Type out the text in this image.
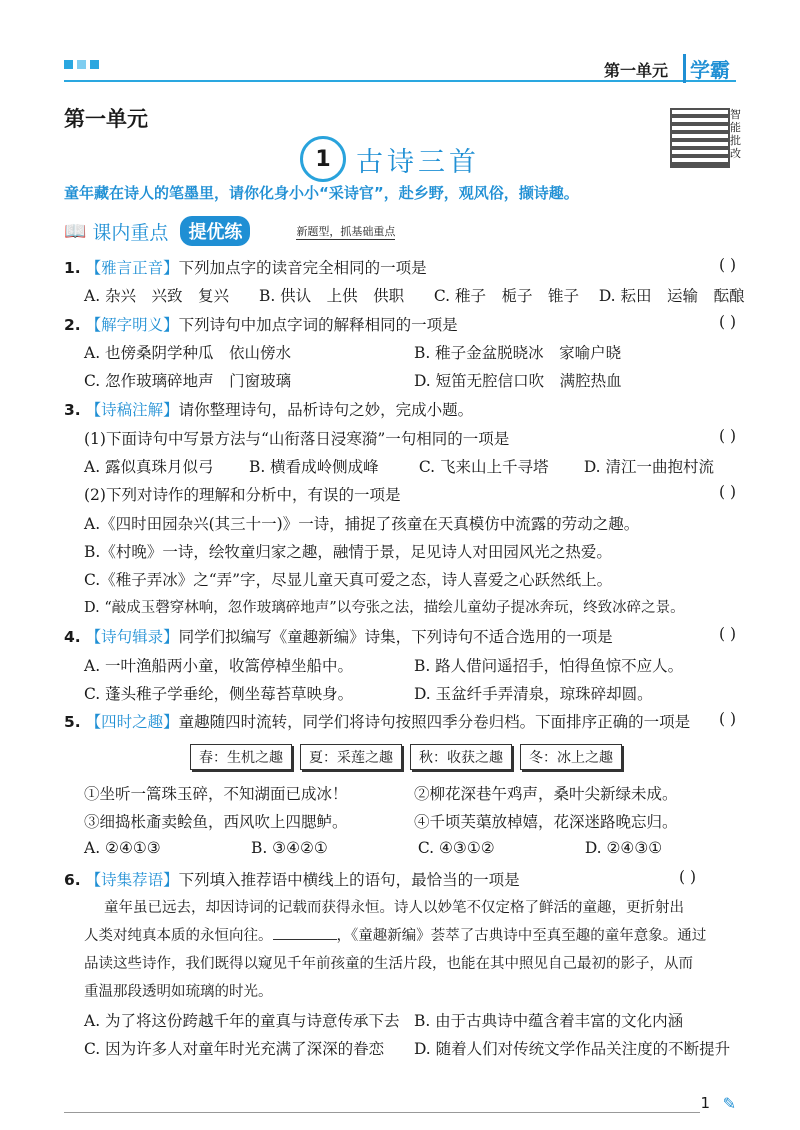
第一单元	学霸
第一单元
1 古诗三首
智能批改
童年藏在诗人的笔墨里，请你化身小小“采诗官”，赴乡野，观风俗，撷诗趣。
📖 课内重点	提优练	新题型，抓基础重点
1. 【雅言正音】下列加点字的读音完全相同的一项是	( )
A. 杂兴　兴致　复兴 B. 供认　上供　供职 C. 稚子　栀子　锥子 D. 耘田　运输　酝酿
2. 【解字明义】下列诗句中加点字词的解释相同的一项是	( )
A. 也傍桑阴学种瓜　依山傍水	B. 稚子金盆脱晓冰　家喻户晓
C. 忽作玻璃碎地声　门窗玻璃	D. 短笛无腔信口吹　满腔热血
3. 【诗稿注解】请你整理诗句，品析诗句之妙，完成小题。
(1)下面诗句中写景方法与“山衔落日浸寒漪”一句相同的一项是	( )
A. 露似真珠月似弓 B. 横看成岭侧成峰	C. 飞来山上千寻塔 D. 清江一曲抱村流
(2)下列对诗作的理解和分析中，有误的一项是	( )
A.《四时田园杂兴(其三十一)》一诗，捕捉了孩童在天真模仿中流露的劳动之趣。
B.《村晚》一诗，绘牧童归家之趣，融情于景，足见诗人对田园风光之热爱。
C.《稚子弄冰》之“弄”字，尽显儿童天真可爱之态，诗人喜爱之心跃然纸上。
D. “敲成玉磬穿林响，忽作玻璃碎地声”以夸张之法，描绘儿童幼子提冰奔玩，终致冰碎之景。
4. 【诗句辑录】同学们拟编写《童趣新编》诗集，下列诗句不适合选用的一项是	( )
A. 一叶渔船两小童，收篙停棹坐船中。	B. 路人借问遥招手，怕得鱼惊不应人。
C. 蓬头稚子学垂纶，侧坐莓苔草映身。	D. 玉盆纤手弄清泉，琼珠碎却圆。
5. 【四时之趣】童趣随四时流转，同学们将诗句按照四季分卷归档。下面排序正确的一项是 ( )
春：生机之趣	夏：采莲之趣	秋：收获之趣	冬：冰上之趣
①坐听一篙珠玉碎，不知湖面已成冰！	②柳花深巷午鸡声，桑叶尖新绿未成。
③细捣枨齑卖鲙鱼，西风吹上四腮鲈。	④千顷芙蕖放棹嬉，花深迷路晚忘归。
A. ②④①③	B. ③④②①	C. ④③①②	D. ②④③①
6. 【诗集荐语】下列填入推荐语中横线上的语句，最恰当的一项是	( )
童年虽已远去，却因诗词的记载而获得永恒。诗人以妙笔不仅定格了鲜活的童趣，更折射出
人类对纯真本质的永恒向往。	，《童趣新编》荟萃了古典诗中至真至趣的童年意象。通过
品读这些诗作，我们既得以窥见千年前孩童的生活片段，也能在其中照见自己最初的影子，从而
重温那段透明如琉璃的时光。
A. 为了将这份跨越千年的童真与诗意传承下去 B. 由于古典诗中蕴含着丰富的文化内涵
C. 因为许多人对童年时光充满了深深的眷恋 D. 随着人们对传统文学作品关注度的不断提升
1 ✎
